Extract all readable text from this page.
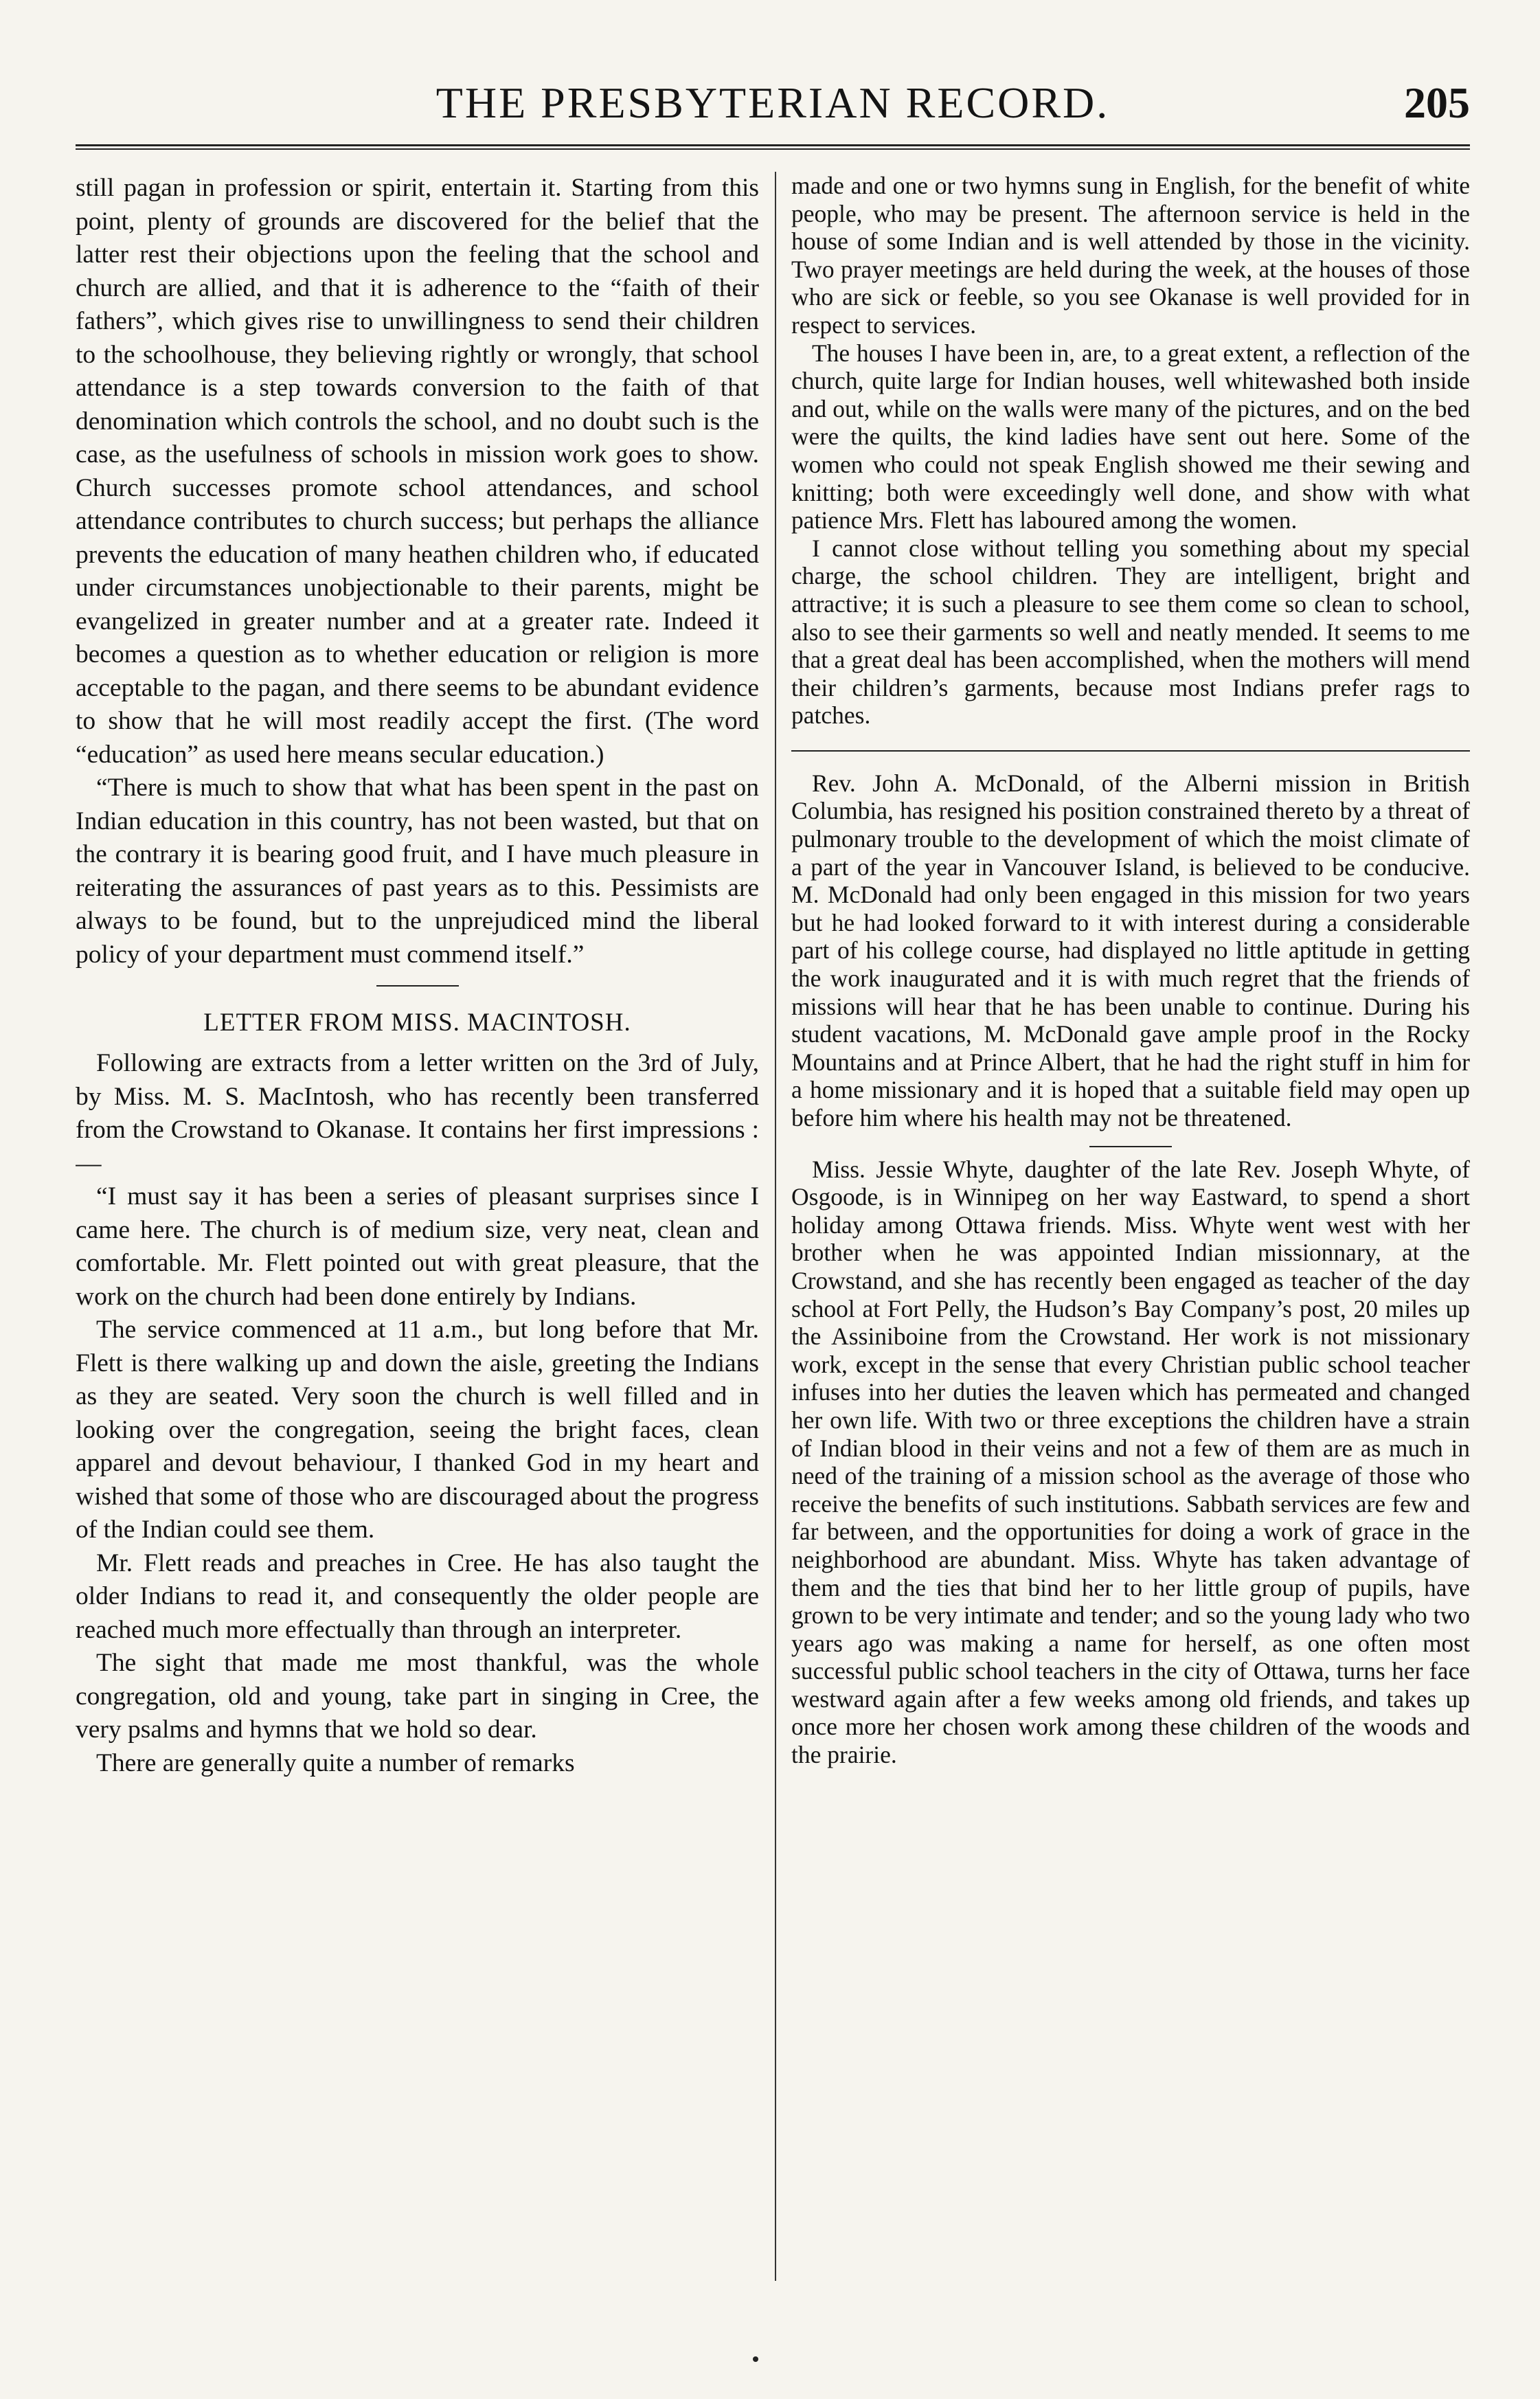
THE PRESBYTERIAN RECORD.	205

still pagan in profession or spirit, entertain it. Starting from this point, plenty of grounds are discovered for the belief that the latter rest their objections upon the feeling that the school and church are allied, and that it is adherence to the “faith of their fathers”, which gives rise to unwillingness to send their children to the schoolhouse, they believing rightly or wrongly, that school attendance is a step towards conversion to the faith of that denomination which controls the school, and no doubt such is the case, as the usefulness of schools in mission work goes to show. Church successes promote school attendances, and school attendance contributes to church success; but perhaps the alliance prevents the education of many heathen children who, if educated under circumstances unobjectionable to their parents, might be evangelized in greater number and at a greater rate. Indeed it becomes a question as to whether education or religion is more acceptable to the pagan, and there seems to be abundant evidence to show that he will most readily accept the first. (The word “education” as used here means secular education.)

“There is much to show that what has been spent in the past on Indian education in this country, has not been wasted, but that on the contrary it is bearing good fruit, and I have much pleasure in reiterating the assurances of past years as to this. Pessimists are always to be found, but to the unprejudiced mind the liberal policy of your department must commend itself.”

LETTER FROM MISS. MACINTOSH.

Following are extracts from a letter written on the 3rd of July, by Miss. M. S. MacIntosh, who has recently been transferred from the Crowstand to Okanase. It contains her first impressions :—

“I must say it has been a series of pleasant surprises since I came here. The church is of medium size, very neat, clean and comfortable. Mr. Flett pointed out with great pleasure, that the work on the church had been done entirely by Indians.

The service commenced at 11 a.m., but long before that Mr. Flett is there walking up and down the aisle, greeting the Indians as they are seated. Very soon the church is well filled and in looking over the congregation, seeing the bright faces, clean apparel and devout behaviour, I thanked God in my heart and wished that some of those who are discouraged about the progress of the Indian could see them.

Mr. Flett reads and preaches in Cree. He has also taught the older Indians to read it, and consequently the older people are reached much more effectually than through an interpreter.

The sight that made me most thankful, was the whole congregation, old and young, take part in singing in Cree, the very psalms and hymns that we hold so dear.

There are generally quite a number of remarks

made and one or two hymns sung in English, for the benefit of white people, who may be present. The afternoon service is held in the house of some Indian and is well attended by those in the vicinity. Two prayer meetings are held during the week, at the houses of those who are sick or feeble, so you see Okanase is well provided for in respect to services.

The houses I have been in, are, to a great extent, a reflection of the church, quite large for Indian houses, well whitewashed both inside and out, while on the walls were many of the pictures, and on the bed were the quilts, the kind ladies have sent out here. Some of the women who could not speak English showed me their sewing and knitting; both were exceedingly well done, and show with what patience Mrs. Flett has laboured among the women.

I cannot close without telling you something about my special charge, the school children. They are intelligent, bright and attractive; it is such a pleasure to see them come so clean to school, also to see their garments so well and neatly mended. It seems to me that a great deal has been accomplished, when the mothers will mend their children’s garments, because most Indians prefer rags to patches.

Rev. John A. McDonald, of the Alberni mission in British Columbia, has resigned his position constrained thereto by a threat of pulmonary trouble to the development of which the moist climate of a part of the year in Vancouver Island, is believed to be conducive. M. McDonald had only been engaged in this mission for two years but he had looked forward to it with interest during a considerable part of his college course, had displayed no little aptitude in getting the work inaugurated and it is with much regret that the friends of missions will hear that he has been unable to continue. During his student vacations, M. McDonald gave ample proof in the Rocky Mountains and at Prince Albert, that he had the right stuff in him for a home missionary and it is hoped that a suitable field may open up before him where his health may not be threatened.

Miss. Jessie Whyte, daughter of the late Rev. Joseph Whyte, of Osgoode, is in Winnipeg on her way Eastward, to spend a short holiday among Ottawa friends. Miss. Whyte went west with her brother when he was appointed Indian missionnary, at the Crowstand, and she has recently been engaged as teacher of the day school at Fort Pelly, the Hudson’s Bay Company’s post, 20 miles up the Assiniboine from the Crowstand. Her work is not missionary work, except in the sense that every Christian public school teacher infuses into her duties the leaven which has permeated and changed her own life. With two or three exceptions the children have a strain of Indian blood in their veins and not a few of them are as much in need of the training of a mission school as the average of those who receive the benefits of such institutions. Sabbath services are few and far between, and the opportunities for doing a work of grace in the neighborhood are abundant. Miss. Whyte has taken advantage of them and the ties that bind her to her little group of pupils, have grown to be very intimate and tender; and so the young lady who two years ago was making a name for herself, as one often most successful public school teachers in the city of Ottawa, turns her face westward again after a few weeks among old friends, and takes up once more her chosen work among these children of the woods and the prairie.
